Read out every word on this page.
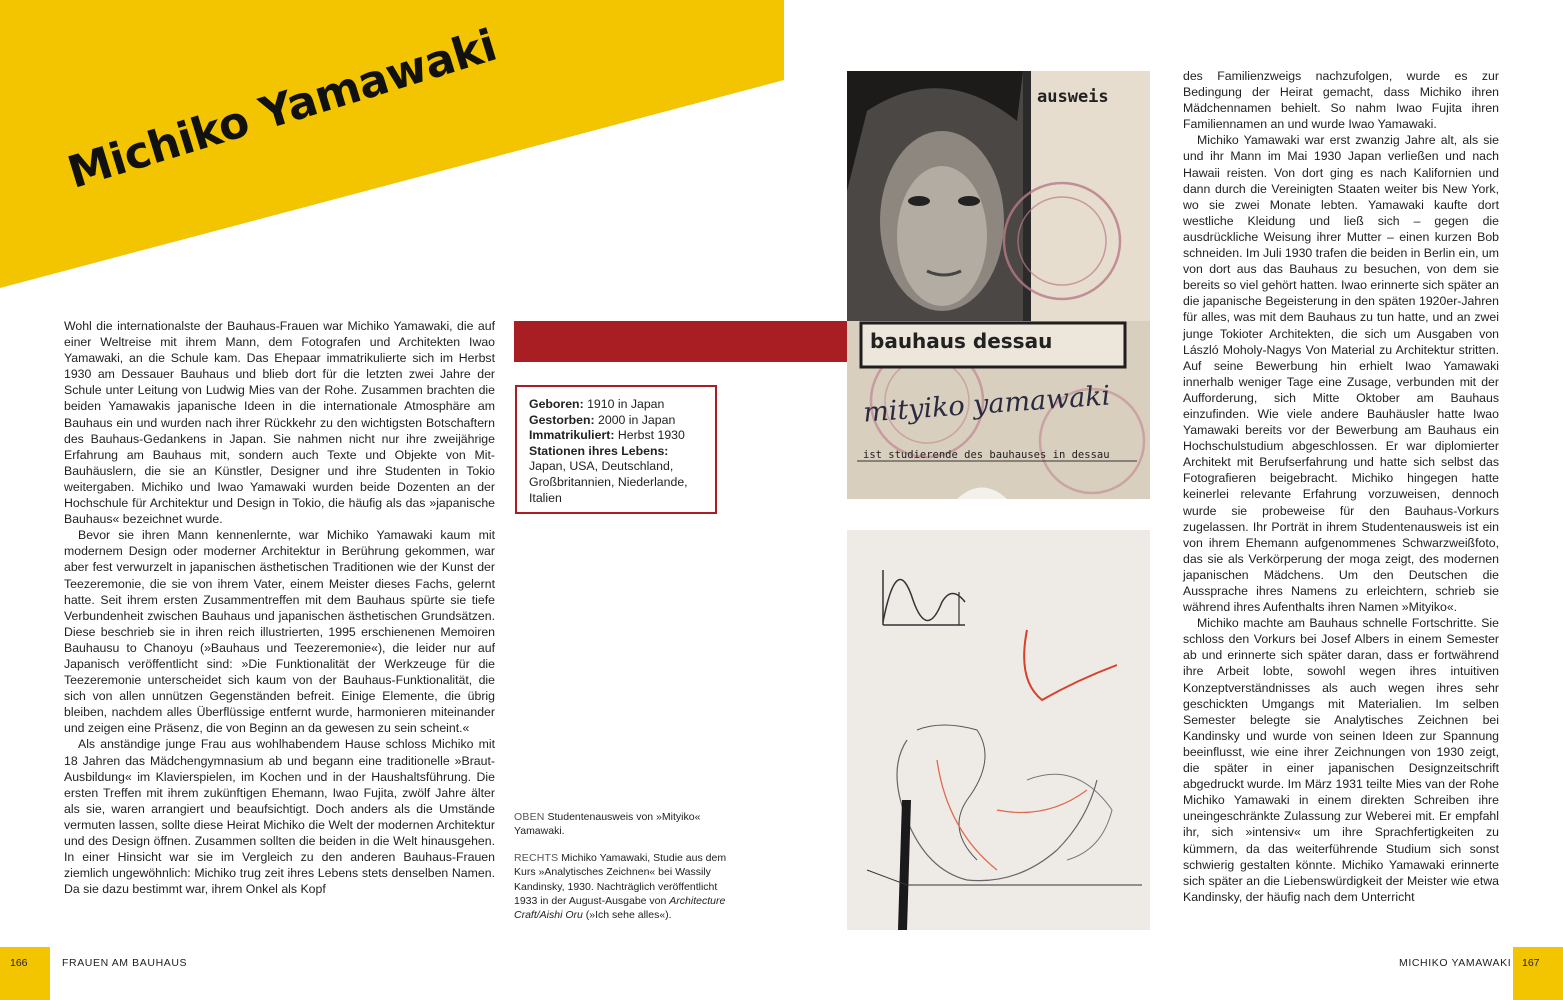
Michiko Yamawaki

Wohl die internationalste der Bauhaus-Frauen war Michiko Yamawaki, die auf einer Weltreise mit ihrem Mann, dem Fotografen und Architekten Iwao Yamawaki, an die Schule kam. Das Ehepaar immatrikulierte sich im Herbst 1930 am Dessauer Bauhaus und blieb dort für die letzten zwei Jahre der Schule unter Leitung von Ludwig Mies van der Rohe. Zusammen brachten die beiden Yamawakis japanische Ideen in die internationale Atmosphäre am Bauhaus ein und wurden nach ihrer Rückkehr zu den wichtigsten Botschaftern des Bauhaus-Gedankens in Japan. Sie nahmen nicht nur ihre zweijährige Erfahrung am Bauhaus mit, sondern auch Texte und Objekte von Mit-Bauhäuslern, die sie an Künstler, Designer und ihre Studenten in Tokio weitergaben. Michiko und Iwao Yamawaki wurden beide Dozenten an der Hochschule für Architektur und Design in Tokio, die häufig als das »japanische Bauhaus« bezeichnet wurde.

Bevor sie ihren Mann kennenlernte, war Michiko Yamawaki kaum mit modernem Design oder moderner Architektur in Berührung gekommen, war aber fest verwurzelt in japanischen ästhetischen Traditionen wie der Kunst der Teezeremonie, die sie von ihrem Vater, einem Meister dieses Fachs, gelernt hatte. Seit ihrem ersten Zusammentreffen mit dem Bauhaus spürte sie tiefe Verbundenheit zwischen Bauhaus und japanischen ästhetischen Grundsätzen. Diese beschrieb sie in ihren reich illustrierten, 1995 erschienenen Memoiren Bauhausu to Chanoyu (»Bauhaus und Teezeremonie«), die leider nur auf Japanisch veröffentlicht sind: »Die Funktionalität der Werkzeuge für die Teezeremonie unterscheidet sich kaum von der Bauhaus-Funktionalität, die sich von allen unnützen Gegenständen befreit. Einige Elemente, die übrig bleiben, nachdem alles Überflüssige entfernt wurde, harmonieren miteinander und zeigen eine Präsenz, die von Beginn an da gewesen zu sein scheint.«

Als anständige junge Frau aus wohlhabendem Hause schloss Michiko mit 18 Jahren das Mädchengymnasium ab und begann eine traditionelle »Braut-Ausbildung« im Klavierspielen, im Kochen und in der Haushaltsführung. Die ersten Treffen mit ihrem zukünftigen Ehemann, Iwao Fujita, zwölf Jahre älter als sie, waren arrangiert und beaufsichtigt. Doch anders als die Umstände vermuten lassen, sollte diese Heirat Michiko die Welt der modernen Architektur und des Design öffnen. Zusammen sollten die beiden in die Welt hinausgehen. In einer Hinsicht war sie im Vergleich zu den anderen Bauhaus-Frauen ziemlich ungewöhnlich: Michiko trug zeit ihres Lebens stets denselben Namen. Da sie dazu bestimmt war, ihrem Onkel als Kopf

Geboren: 1910 in Japan
Gestorben: 2000 in Japan
Immatrikuliert: Herbst 1930
Stationen ihres Lebens:
Japan, USA, Deutschland, Großbritannien, Niederlande, Italien
OBEN Studentenausweis von »Mityiko« Yamawaki.
RECHTS Michiko Yamawaki, Studie aus dem Kurs »Analytisches Zeichnen« bei Wassily Kandinsky, 1930. Nachträglich veröffentlicht 1933 in der August-Ausgabe von Architecture Craft/Aishi Oru (»Ich sehe alles«).
ausweis
bauhaus dessau
mityiko yamawaki
ist studierende des bauhauses in dessau

des Familienzweigs nachzufolgen, wurde es zur Bedingung der Heirat gemacht, dass Michiko ihren Mädchennamen behielt. So nahm Iwao Fujita ihren Familiennamen an und wurde Iwao Yamawaki.

Michiko Yamawaki war erst zwanzig Jahre alt, als sie und ihr Mann im Mai 1930 Japan verließen und nach Hawaii reisten. Von dort ging es nach Kalifornien und dann durch die Vereinigten Staaten weiter bis New York, wo sie zwei Monate lebten. Yamawaki kaufte dort westliche Kleidung und ließ sich – gegen die ausdrückliche Weisung ihrer Mutter – einen kurzen Bob schneiden. Im Juli 1930 trafen die beiden in Berlin ein, um von dort aus das Bauhaus zu besuchen, von dem sie bereits so viel gehört hatten. Iwao erinnerte sich später an die japanische Begeisterung in den späten 1920er-Jahren für alles, was mit dem Bauhaus zu tun hatte, und an zwei junge Tokioter Architekten, die sich um Ausgaben von László Moholy-Nagys Von Material zu Architektur stritten. Auf seine Bewerbung hin erhielt Iwao Yamawaki innerhalb weniger Tage eine Zusage, verbunden mit der Aufforderung, sich Mitte Oktober am Bauhaus einzufinden. Wie viele andere Bauhäusler hatte Iwao Yamawaki bereits vor der Bewerbung am Bauhaus ein Hochschulstudium abgeschlossen. Er war diplomierter Architekt mit Berufserfahrung und hatte sich selbst das Fotografieren beigebracht. Michiko hingegen hatte keinerlei relevante Erfahrung vorzuweisen, dennoch wurde sie probeweise für den Bauhaus-Vorkurs zugelassen. Ihr Porträt in ihrem Studentenausweis ist ein von ihrem Ehemann aufgenommenes Schwarzweißfoto, das sie als Verkörperung der moga zeigt, des modernen japanischen Mädchens. Um den Deutschen die Aussprache ihres Namens zu erleichtern, schrieb sie während ihres Aufenthalts ihren Namen »Mityiko«.

Michiko machte am Bauhaus schnelle Fortschritte. Sie schloss den Vorkurs bei Josef Albers in einem Semester ab und erinnerte sich später daran, dass er fortwährend ihre Arbeit lobte, sowohl wegen ihres intuitiven Konzeptverständnisses als auch wegen ihres sehr geschickten Umgangs mit Materialien. Im selben Semester belegte sie Analytisches Zeichnen bei Kandinsky und wurde von seinen Ideen zur Spannung beeinflusst, wie eine ihrer Zeichnungen von 1930 zeigt, die später in einer japanischen Designzeitschrift abgedruckt wurde. Im März 1931 teilte Mies van der Rohe Michiko Yamawaki in einem direkten Schreiben ihre uneingeschränkte Zulassung zur Weberei mit. Er empfahl ihr, sich »intensiv« um ihre Sprachfertigkeiten zu kümmern, da das weiterführende Studium sich sonst schwierig gestalten könnte. Michiko Yamawaki erinnerte sich später an die Liebenswürdigkeit der Meister wie etwa Kandinsky, der häufig nach dem Unterricht

166	FRAUEN AM BAUHAUS	MICHIKO YAMAWAKI 167
